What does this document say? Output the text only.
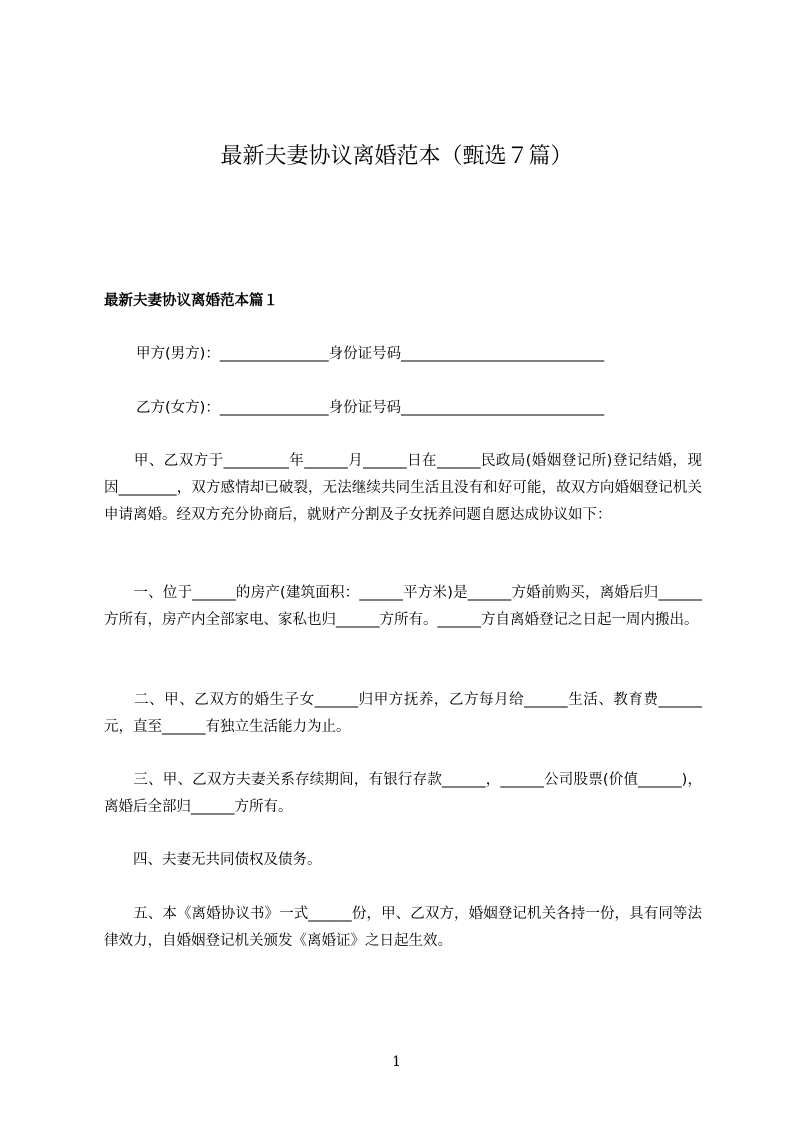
最新夫妻协议离婚范本（甄选７篇）
最新夫妻协议离婚范本篇１
甲方(男方)：_______________身份证号码____________________________
乙方(女方)：_______________身份证号码____________________________
　　甲、乙双方于_________年______月______日在______民政局(婚姻登记所)登记结婚，现因________，双方感情却已破裂，无法继续共同生活且没有和好可能，故双方向婚姻登记机关申请离婚。经双方充分协商后，就财产分割及子女抚养问题自愿达成协议如下：
　　一、位于______的房产(建筑面积：______平方米)是______方婚前购买，离婚后归______方所有，房产内全部家电、家私也归______方所有。______方自离婚登记之日起一周内搬出。
　　二、甲、乙双方的婚生子女______归甲方抚养，乙方每月给______生活、教育费______元，直至______有独立生活能力为止。
　　三、甲、乙双方夫妻关系存续期间，有银行存款______，______公司股票(价值______)，离婚后全部归______方所有。
　　四、夫妻无共同债权及债务。
　　五、本《离婚协议书》一式______份，甲、乙双方，婚姻登记机关各持一份，具有同等法律效力，自婚姻登记机关颁发《离婚证》之日起生效。
1
